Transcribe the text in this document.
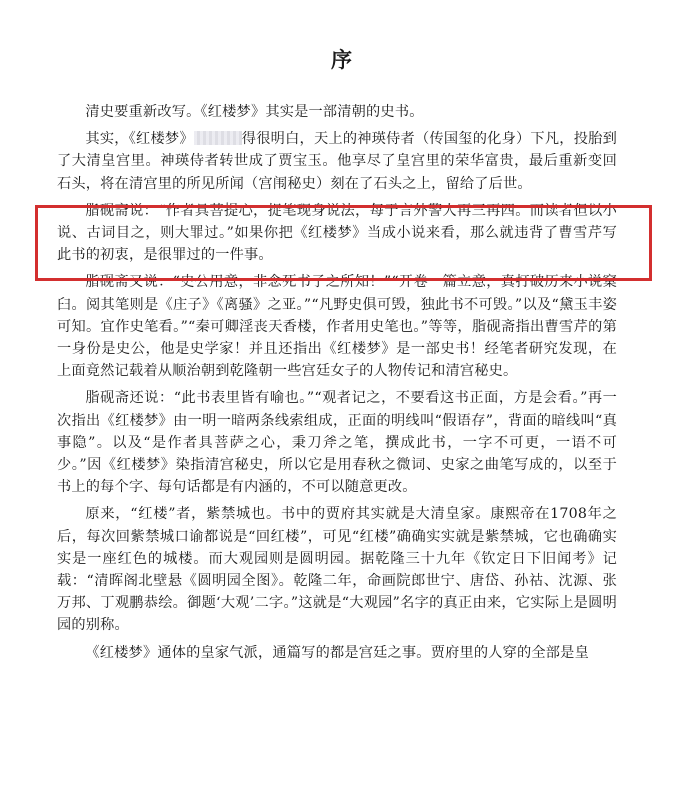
序

清史要重新改写。《红楼梦》其实是一部清朝的史书。

其实，《红楼梦》	得很明白，天上的神瑛侍者（传国玺的化身）下凡，投胎到了大清皇宫里。神瑛侍者转世成了贾宝玉。他享尽了皇宫里的荣华富贵，最后重新变回石头，将在清宫里的所见所闻（宫闱秘史）刻在了石头之上，留给了后世。

脂砚斋说：“作者具菩提心，捉笔现身说法，每于言外警人再三再四。而读者但以小说、古词目之，则大罪过。”如果你把《红楼梦》当成小说来看，那么就违背了曹雪芹写此书的初衷，是很罪过的一件事。

脂砚斋又说：“史公用意，非念死书子之所知！”“开卷一篇立意，真打破历来小说窠臼。阅其笔则是《庄子》《离骚》之亚。”“凡野史俱可毁，独此书不可毁。”以及“黛玉丰姿可知。宜作史笔看。”“秦可卿淫丧天香楼，作者用史笔也。”等等，脂砚斋指出曹雪芹的第一身份是史公，他是史学家！并且还指出《红楼梦》是一部史书！经笔者研究发现，在上面竟然记载着从顺治朝到乾隆朝一些宫廷女子的人物传记和清宫秘史。

脂砚斋还说：“此书表里皆有喻也。”“观者记之，不要看这书正面，方是会看。”再一次指出《红楼梦》由一明一暗两条线索组成，正面的明线叫“假语存”，背面的暗线叫“真事隐”。以及“是作者具菩萨之心，秉刀斧之笔，撰成此书，一字不可更，一语不可少。”因《红楼梦》染指清宫秘史，所以它是用春秋之微词、史家之曲笔写成的，以至于书上的每个字、每句话都是有内涵的，不可以随意更改。

原来，“红楼”者，紫禁城也。书中的贾府其实就是大清皇家。康熙帝在1708年之后，每次回紫禁城口谕都说是“回红楼”，可见“红楼”确确实实就是紫禁城，它也确确实实是一座红色的城楼。而大观园则是圆明园。据乾隆三十九年《钦定日下旧闻考》记载：“清晖阁北壁悬《圆明园全图》。乾隆二年，命画院郎世宁、唐岱、孙祜、沈源、张万邦、丁观鹏恭绘。御题‘大观’二字。”这就是“大观园”名字的真正由来，它实际上是圆明园的别称。

《红楼梦》通体的皇家气派，通篇写的都是宫廷之事。贾府里的人穿的全部是皇
